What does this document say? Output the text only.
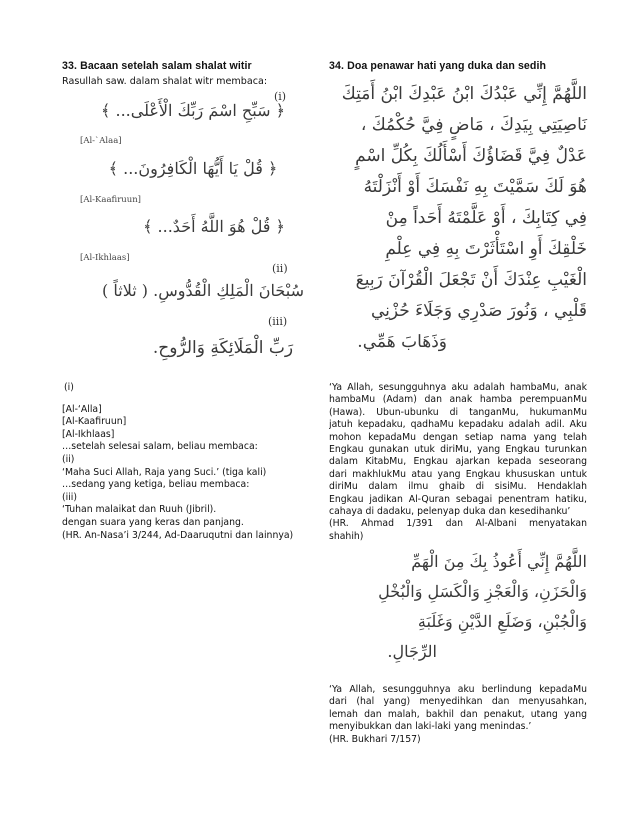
33. Bacaan setelah salam shalat witir
Rasullah saw. dalam shalat witr membaca:
(i)
﴿ سَبِّحِ اسْمَ رَبِّكَ الْأَعْلَى... ﴾
[Al-`Alaa]
﴿ قُلْ يَا أَيُّهَا الْكَافِرُونَ... ﴾
[Al-Kaafiruun]
﴿ قُلْ هُوَ اللَّهُ أَحَدٌ... ﴾
[Al-Ikhlaas]
(ii)
سُبْحَانَ الْمَلِكِ الْقُدُّوسِ. ( ثلاثاً )
(iii)
رَبِّ الْمَلَائِكَةِ وَالرُّوحِ.
(i)
[Al-‘Alla]
[Al-Kaafiruun]
[Al-Ikhlaas]
…setelah selesai salam, beliau membaca:
(ii)
‘Maha Suci Allah, Raja yang Suci.’ (tiga kali)
…sedang yang ketiga, beliau membaca:
(iii)
‘Tuhan malaikat dan Ruuh (Jibril).
dengan suara yang keras dan panjang.
(HR. An-Nasa’i 3/244, Ad-Daaruqutni dan lainnya)
34. Doa penawar hati yang duka dan sedih
اللَّهُمَّ إِنِّي عَبْدُكَ ابْنُ عَبْدِكَ ابْنُ أَمَتِكَ
نَاصِيَتِي بِيَدِكَ ، مَاضٍ فِيَّ حُكْمُكَ ،
عَدْلٌ فِيَّ قَضَاؤُكَ أَسْأَلُكَ بِكُلِّ اسْمٍ
هُوَ لَكَ سَمَّيْتَ بِهِ نَفْسَكَ أَوْ أَنْزَلْتَهُ
فِي كِتَابِكَ ، أَوْ عَلَّمْتَهُ أَحَداً مِنْ
خَلْقِكَ أَوِ اسْتَأْثَرْتَ بِهِ فِي عِلْمِ
الْغَيْبِ عِنْدَكَ أَنْ تَجْعَلَ الْقُرْآنَ رَبِيعَ
قَلْبِي ، وَنُورَ صَدْرِي وَجَلَاءَ حُزْنِي
وَذَهَابَ هَمِّي.
‘Ya Allah, sesungguhnya aku adalah hambaMu, anak
hambaMu (Adam) dan anak hamba perempuanMu
(Hawa). Ubun-ubunku di tanganMu, hukumanMu
jatuh kepadaku, qadhaMu kepadaku adalah adil. Aku
mohon kepadaMu dengan setiap nama yang telah
Engkau gunakan utuk diriMu, yang Engkau turunkan
dalam KitabMu, Engkau ajarkan kepada seseorang
dari makhlukMu atau yang Engkau khususkan untuk
diriMu dalam ilmu ghaib di sisiMu. Hendaklah
Engkau jadikan Al-Quran sebagai penentram hatiku,
cahaya di dadaku, pelenyap duka dan kesedihanku’
(HR. Ahmad 1/391 dan Al-Albani menyatakan
shahih)
اللَّهُمَّ إِنِّي أَعُوذُ بِكَ مِنَ الْهَمِّ
وَالْحَزَنِ، وَالْعَجْزِ وَالْكَسَلِ وَالْبُخْلِ
وَالْجُبْنِ، وَضَلَعِ الدَّيْنِ وَغَلَبَةِ
الرِّجَالِ.
‘Ya Allah, sesungguhnya aku berlindung kepadaMu
dari (hal yang) menyedihkan dan menyusahkan,
lemah dan malah, bakhil dan penakut, utang yang
menyibukkan dan laki-laki yang menindas.’
(HR. Bukhari 7/157)
